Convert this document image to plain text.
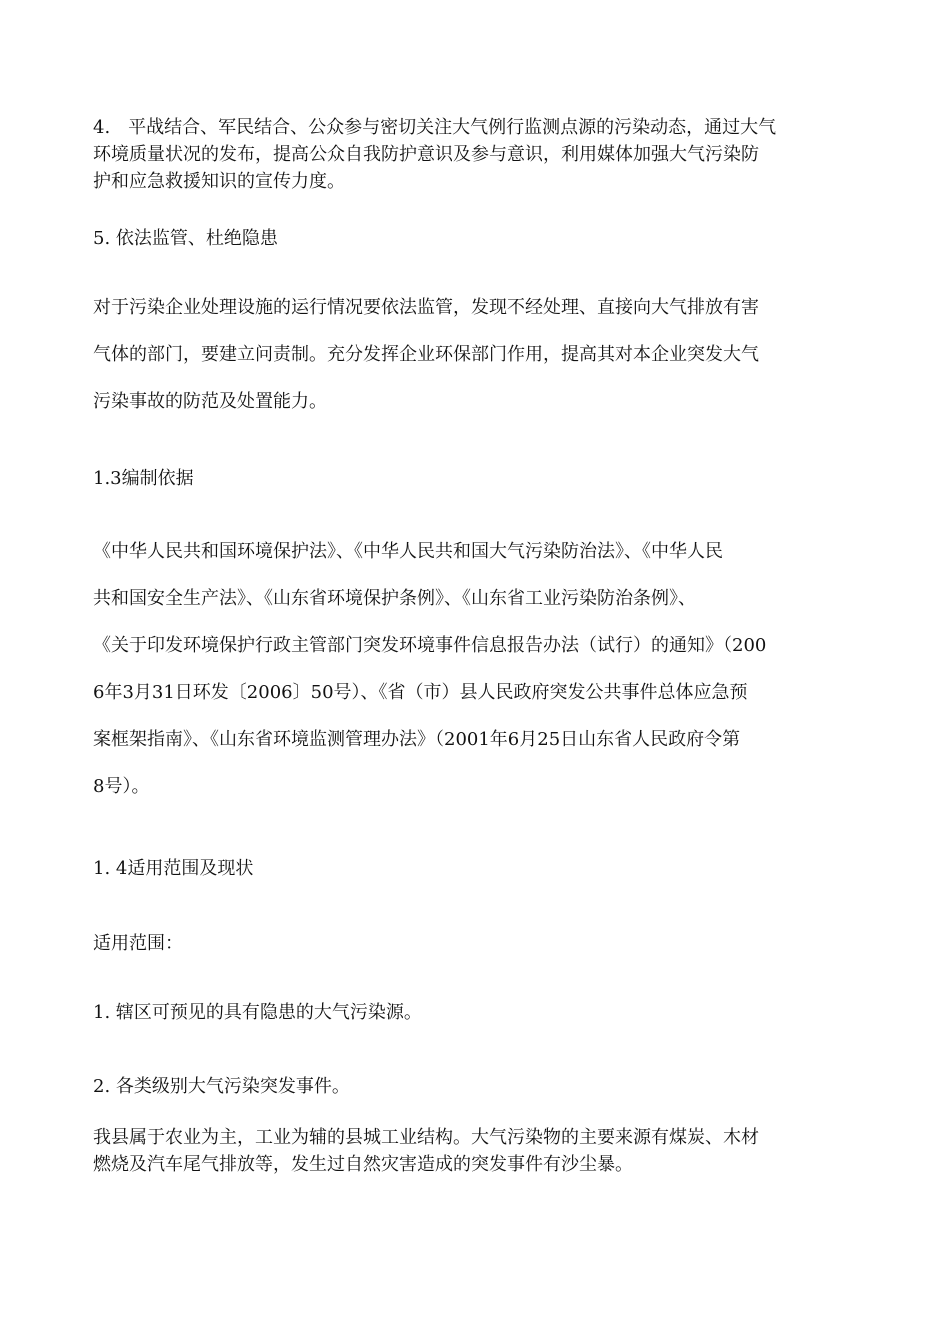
4.　平战结合、军民结合、公众参与密切关注大气例行监测点源的污染动态，通过大气
环境质量状况的发布，提高公众自我防护意识及参与意识，利用媒体加强大气污染防
护和应急救援知识的宣传力度。
5. 依法监管、杜绝隐患
对于污染企业处理设施的运行情况要依法监管，发现不经处理、直接向大气排放有害
气体的部门，要建立问责制。充分发挥企业环保部门作用，提高其对本企业突发大气
污染事故的防范及处置能力。
1.3编制依据
《中华人民共和国环境保护法》、《中华人民共和国大气污染防治法》、《中华人民
共和国安全生产法》、《山东省环境保护条例》、《山东省工业污染防治条例》、
《关于印发环境保护行政主管部门突发环境事件信息报告办法（试行）的通知》（200
6年3月31日环发〔2006〕50号）、《省（市）县人民政府突发公共事件总体应急预
案框架指南》、《山东省环境监测管理办法》（2001年6月25日山东省人民政府令第
8号）。
1. 4适用范围及现状
适用范围：
1. 辖区可预见的具有隐患的大气污染源。
2. 各类级别大气污染突发事件。
我县属于农业为主，工业为辅的县城工业结构。大气污染物的主要来源有煤炭、木材
燃烧及汽车尾气排放等，发生过自然灾害造成的突发事件有沙尘暴。
